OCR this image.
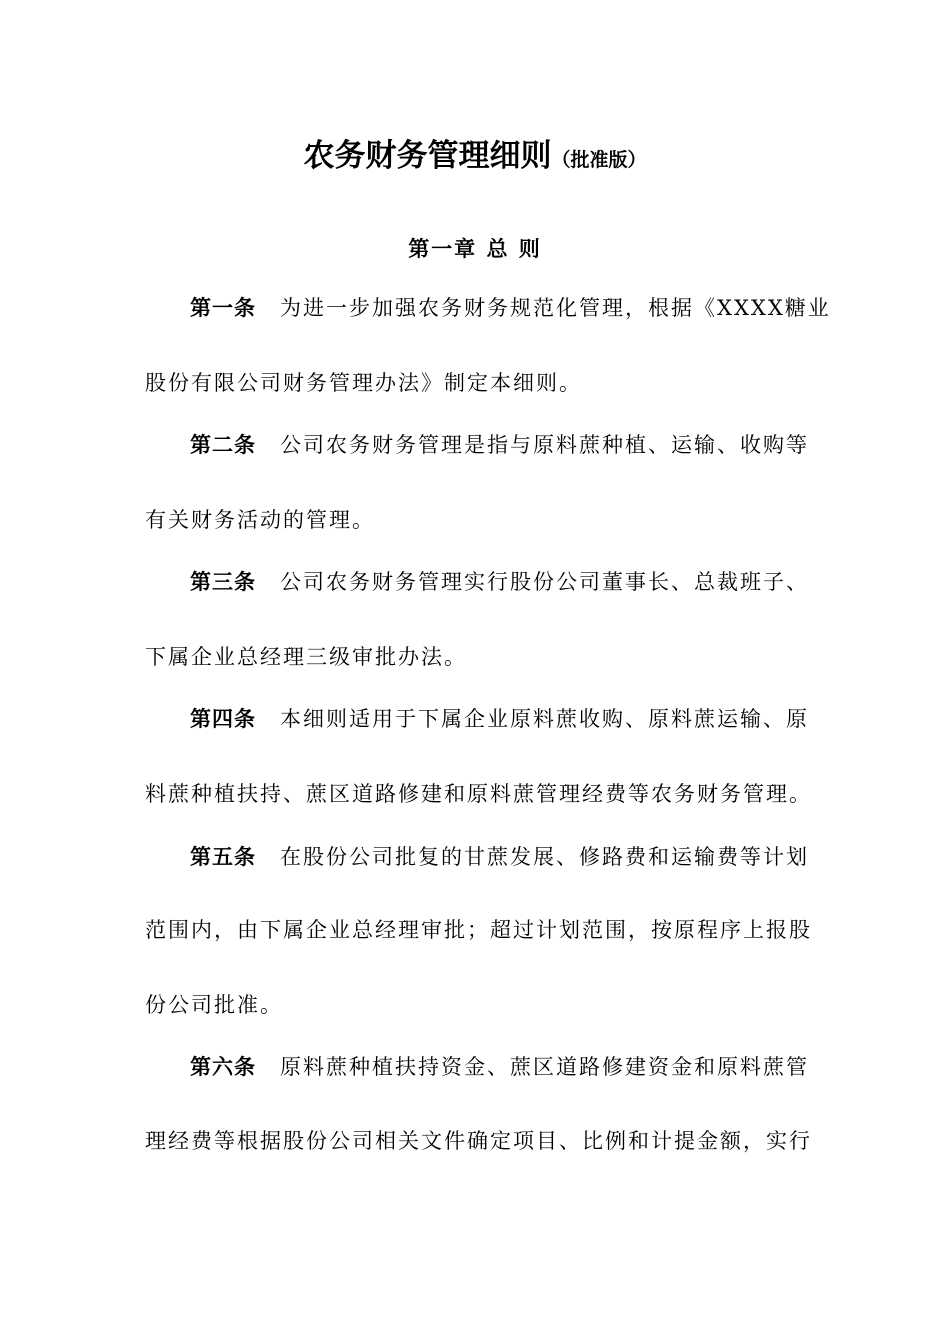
农务财务管理细则（批准版）
第一章 总 则
第一条 为进一步加强农务财务规范化管理，根据《XXXX糖业
股份有限公司财务管理办法》制定本细则。
第二条 公司农务财务管理是指与原料蔗种植、运输、收购等
有关财务活动的管理。
第三条 公司农务财务管理实行股份公司董事长、总裁班子、
下属企业总经理三级审批办法。
第四条 本细则适用于下属企业原料蔗收购、原料蔗运输、原
料蔗种植扶持、蔗区道路修建和原料蔗管理经费等农务财务管理。
第五条 在股份公司批复的甘蔗发展、修路费和运输费等计划
范围内，由下属企业总经理审批；超过计划范围，按原程序上报股
份公司批准。
第六条 原料蔗种植扶持资金、蔗区道路修建资金和原料蔗管
理经费等根据股份公司相关文件确定项目、比例和计提金额，实行
